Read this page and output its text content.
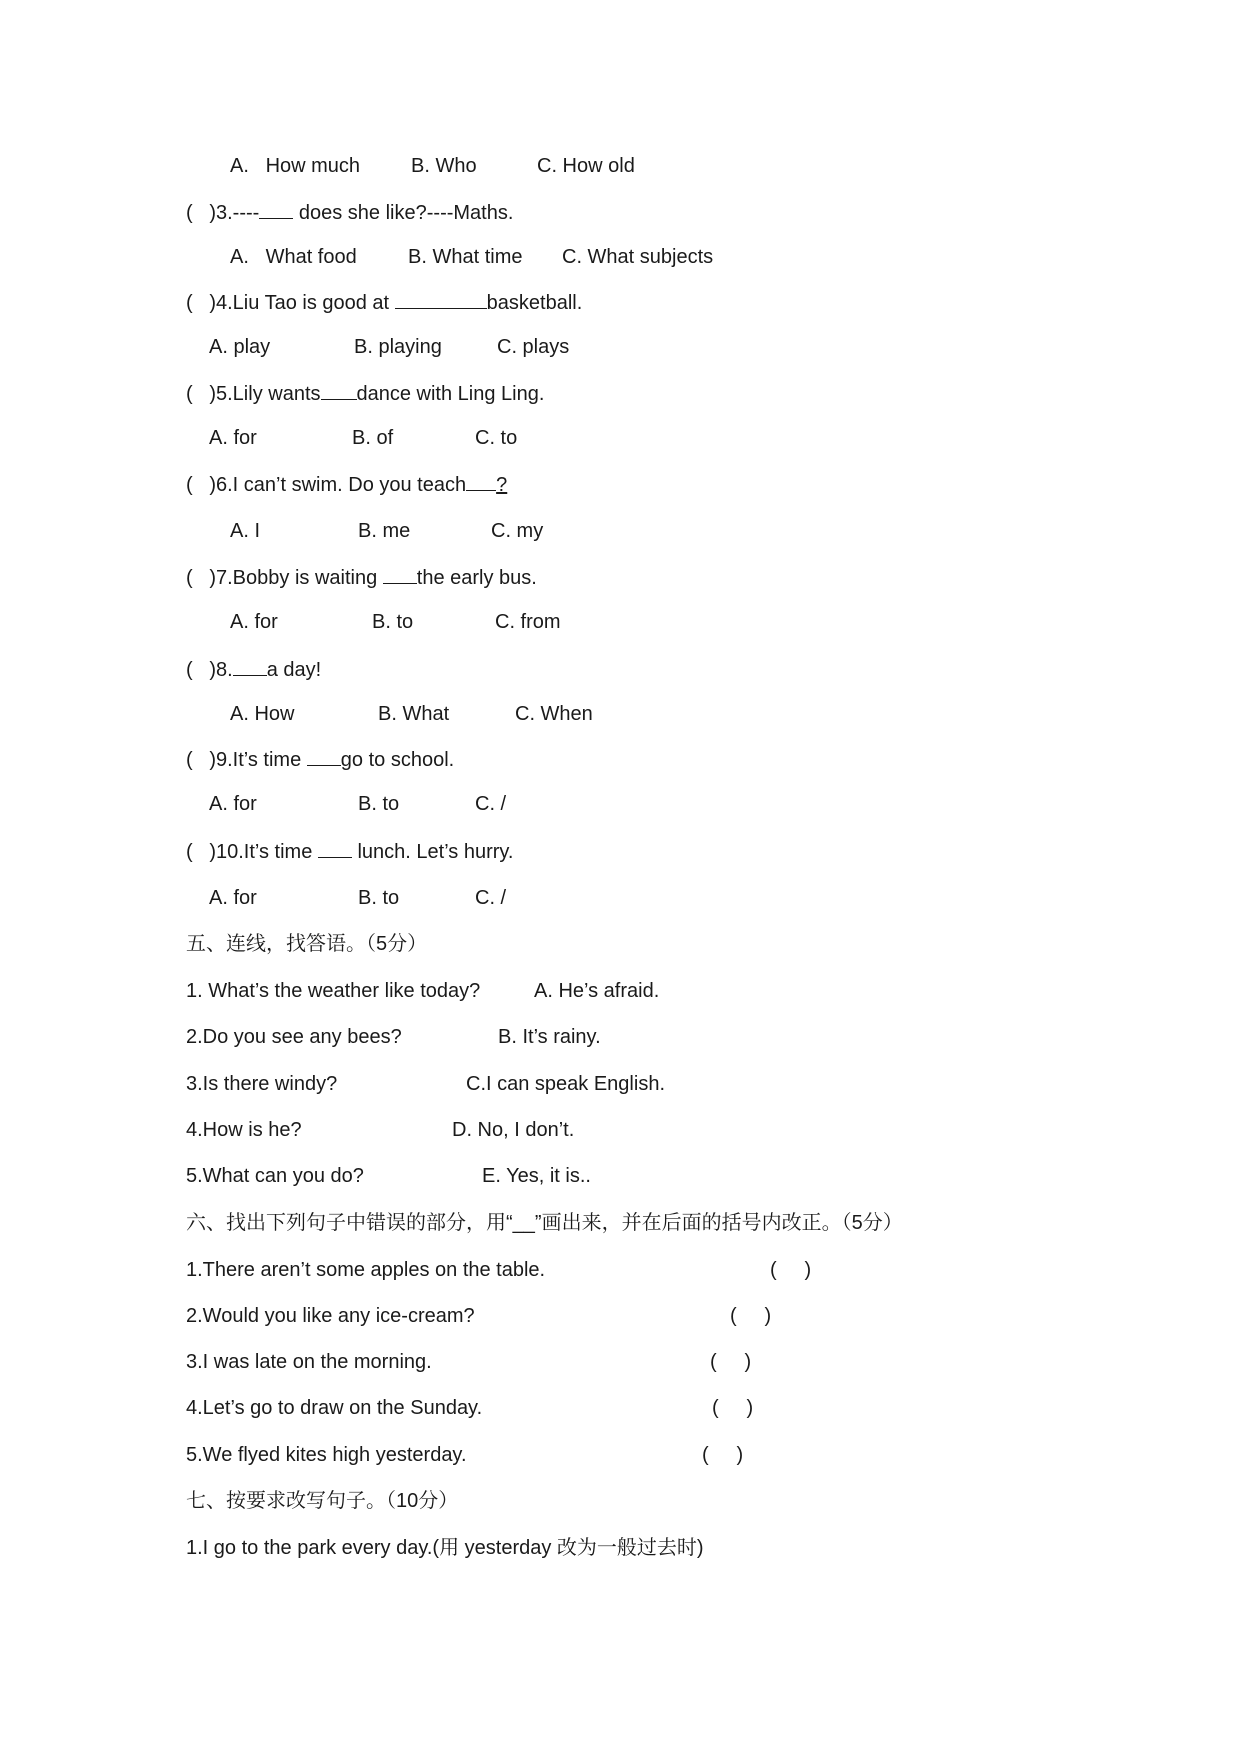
A.   How much	B. Who	C. How old
( )3.---- does she like?----Maths.
A.   What food	B. What time C. What subjects
( )4.Liu Tao is good at	basketball.
A. play	B. playing	C. plays
( )5.Lily wants dance with Ling Ling.
A. for	B. of	C. to
( )6.I can’t swim. Do you teach ?
A. I	B. me	C. my
( )7.Bobby is waiting the early bus.
A. for	B. to	C. from
( )8. a day!
A. How	B. What	C. When
( )9.It’s time go to school.
A. for	B. to	C. /
( )10.It’s time  lunch. Let’s hurry.
A. for	B. to	C. /
五、连线，找答语。（5分）
1. What’s the weather like today?	A. He’s afraid.
2.Do you see any bees?	B. It’s rainy.
3.Is there windy?	C.I can speak English.
4.How is he?	D. No, I don’t.
5.What can you do?	E. Yes, it is..
六、找出下列句子中错误的部分，用“__”画出来，并在后面的括号内改正。（5分）
1.There aren’t some apples on the table.	(     )
2.Would you like any ice-cream?	(     )
3.I was late on the morning.	(     )
4.Let’s go to draw on the Sunday.	(     )
5.We flyed kites high yesterday.	(     )
七、按要求改写句子。（10分）
1.I go to the park every day.(用 yesterday 改为一般过去时)
